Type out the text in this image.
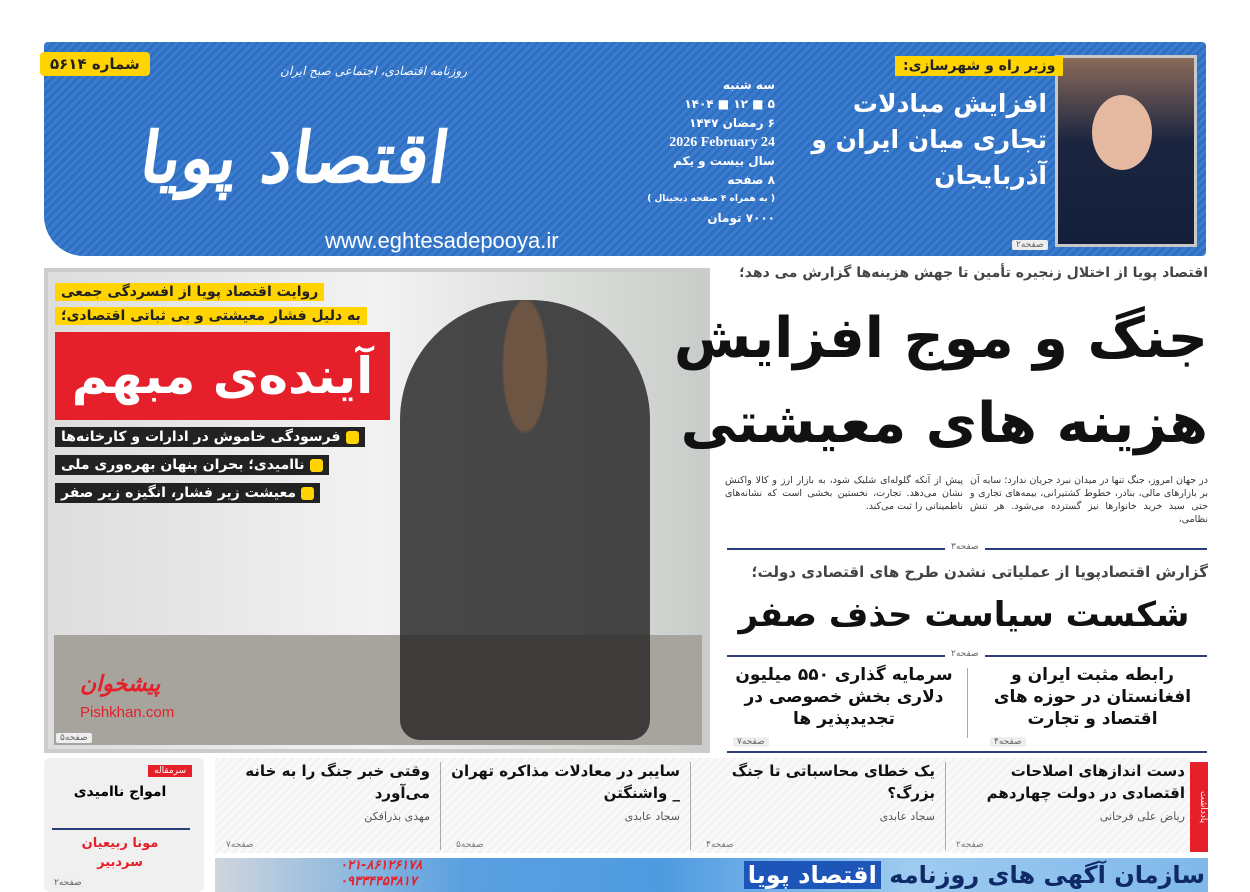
اقتصاد پویا
روزنامه اقتصادی، اجتماعی صبح ایران
www.eghtesadepooya.ir
شماره ۵۶۱۴
سه شنبه
۵ ■ ۱۲ ■ ۱۴۰۴
۶ رمضان ۱۴۴۷
2026 February 24
سال بیست و یکم
۸ صفحه
( به همراه ۴ صفحه دیجیتال )
۷۰۰۰ تومان
صفحه۲
وزیر راه و شهرسازی:
افزایش مبادلات تجاری میان ایران و آذربایجان
روایت اقتصاد پویا از افسردگی جمعی
به دلیل فشار معیشتی و بی ثباتی اقتصادی؛
آینده‌ی مبهم
فرسودگی خاموش در ادارات و کارخانه‌ها
ناامیدی؛ بحران پنهان بهره‌وری ملی
معیشت زیر فشار، انگیزه زیر صفر
صفحه۵
اقتصاد پویا از اختلال زنجیره تأمین تا جهش هزینه‌ها گزارش می دهد؛
جنگ و موج افزایش
هزینه های معیشتی
در جهان امروز، جنگ تنها در میدان نبرد جریان ندارد؛ سایه آن بر بازارهای مالی، بنادر، خطوط کشتیرانی، بیمه‌های تجاری و حتی سبد خرید خانوارها نیز گسترده می‌شود. هر تنش نظامی،
پیش از آنکه گلوله‌ای شلیک شود، به بازار ارز و کالا واکنش نشان می‌دهد. تجارت، نخستین بخشی است که نشانه‌های ناطمینانی را ثبت می‌کند.
صفحه۳
گزارش اقتصادپویا از عملیاتی نشدن طرح های اقتصادی دولت؛
شکست سیاست حذف صفر
صفحه۲
رابطه مثبت ایران و افغانستان در حوزه های اقتصاد و تجارت
صفحه۴
سرمایه گذاری ۵۵۰ میلیون دلاری بخش خصوصی در تجدیدپذیر ها
صفحه۷
یادداشت
دست اندازهای اصلاحات اقتصادی در دولت چهاردهم
ریاض علی فرحانی
صفحه۲
یک خطای محاسباتی تا جنگ بزرگ؟
سجاد عابدی
صفحه۴
سایبر در معادلات مذاکره تهران _ واشنگتن
سجاد عابدی
صفحه۵
وقتی خبر جنگ را به خانه می‌آورد
مهدی بذرافکن
صفحه۷
سرمقاله
امواج ناامیدی
مونا ربیعیان
سردبیر
صفحه۲	سازمان آگهی های روزنامه اقتصاد پویا
۰۲۱-۸۶۱۲۶۱۷۸
۰۹۳۳۴۴۵۳۸۱۷
پیشخوان
Pishkhan.com
